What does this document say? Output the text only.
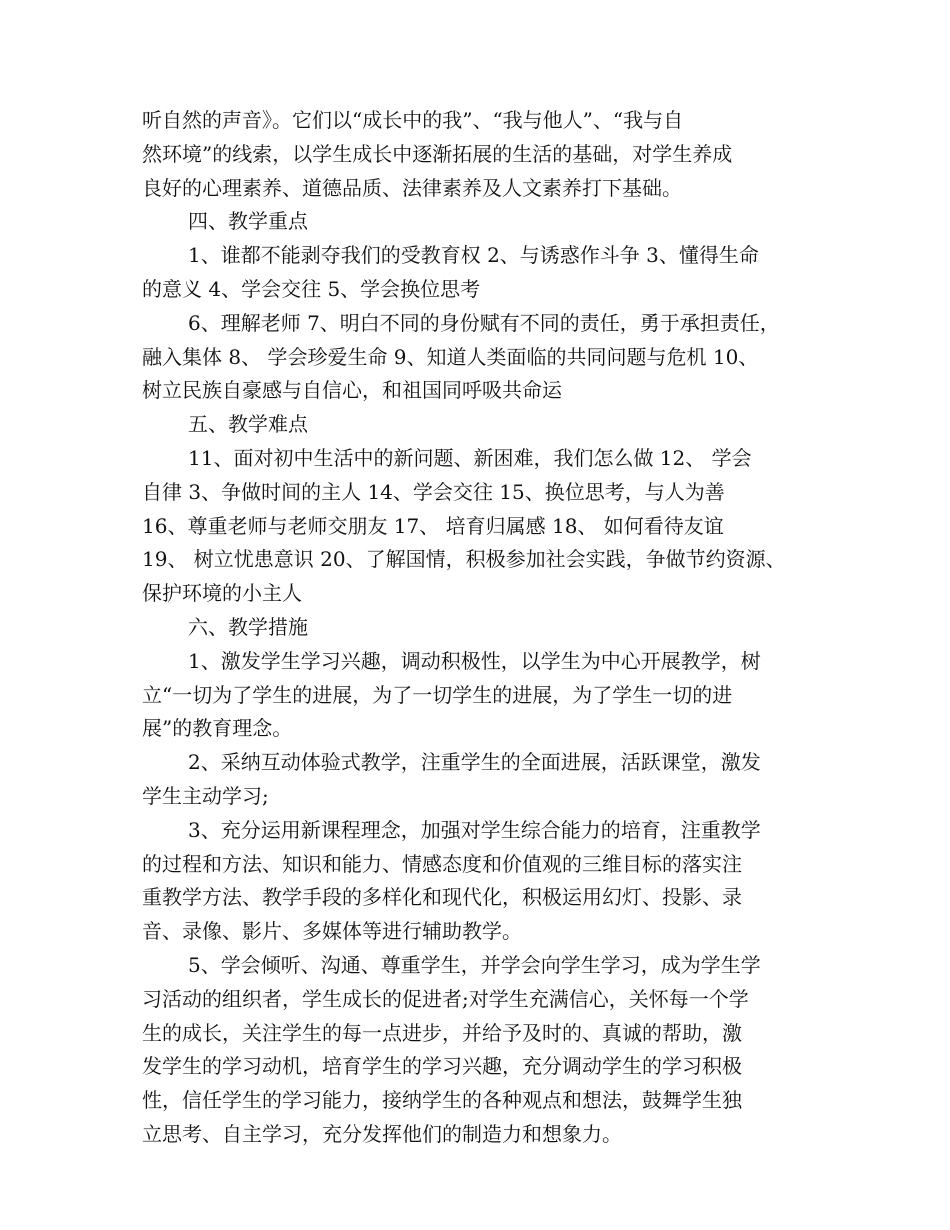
听自然的声音》。它们以“成长中的我”、“我与他人”、“我与自
然环境”的线索，以学生成长中逐渐拓展的生活的基础，对学生养成
良好的心理素养、道德品质、法律素养及人文素养打下基础。
四、教学重点
1、谁都不能剥夺我们的受教育权 2、与诱惑作斗争 3、懂得生命
的意义 4、学会交往 5、学会换位思考
6、理解老师 7、明白不同的身份赋有不同的责任，勇于承担责任，
融入集体 8、 学会珍爱生命 9、知道人类面临的共同问题与危机 10、
树立民族自豪感与自信心，和祖国同呼吸共命运
五、教学难点
11、面对初中生活中的新问题、新困难，我们怎么做 12、 学会
自律 3、争做时间的主人 14、学会交往 15、换位思考，与人为善
16、尊重老师与老师交朋友 17、 培育归属感 18、 如何看待友谊
19、 树立忧患意识 20、了解国情，积极参加社会实践，争做节约资源、
保护环境的小主人
六、教学措施
1、激发学生学习兴趣，调动积极性，以学生为中心开展教学，树
立“一切为了学生的进展，为了一切学生的进展，为了学生一切的进
展”的教育理念。
2、采纳互动体验式教学，注重学生的全面进展，活跃课堂，激发
学生主动学习;
3、充分运用新课程理念，加强对学生综合能力的培育，注重教学
的过程和方法、知识和能力、情感态度和价值观的三维目标的落实注
重教学方法、教学手段的多样化和现代化，积极运用幻灯、投影、录
音、录像、影片、多媒体等进行辅助教学。
5、学会倾听、沟通、尊重学生，并学会向学生学习，成为学生学
习活动的组织者，学生成长的促进者;对学生充满信心，关怀每一个学
生的成长，关注学生的每一点进步，并给予及时的、真诚的帮助，激
发学生的学习动机，培育学生的学习兴趣，充分调动学生的学习积极
性，信任学生的学习能力，接纳学生的各种观点和想法，鼓舞学生独
立思考、自主学习，充分发挥他们的制造力和想象力。
